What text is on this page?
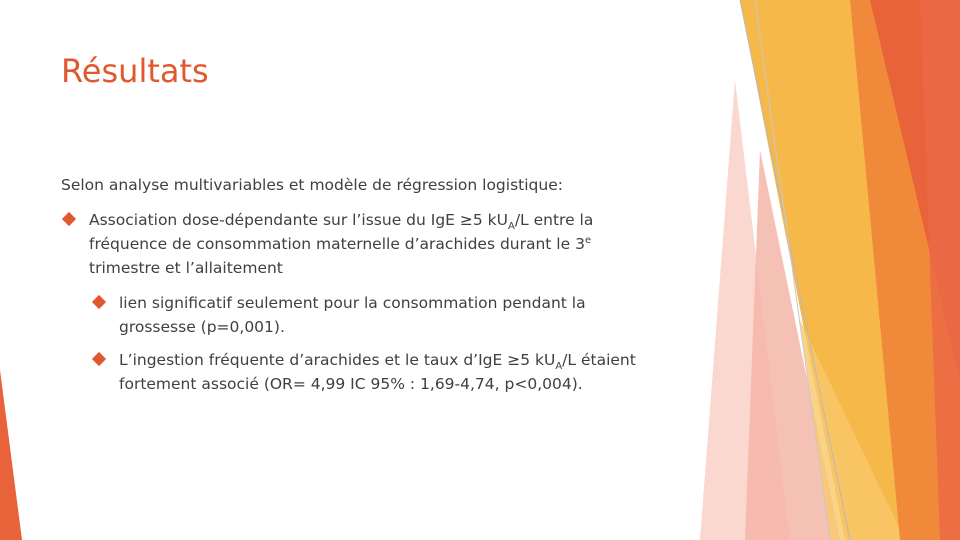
Résultats

Selon analyse multivariables et modèle de régression logistique:

Association dose-dépendante sur l’issue du IgE ≥5 $kU_A/L$ entre la
fréquence de consommation maternelle d’arachides durant le 3e
trimestre et l’allaitement
lien significatif seulement pour la consommation pendant la
grossesse (p=0,001).
L’ingestion fréquente d’arachides et le taux d’IgE ≥5 $kU_A/L$ étaient
fortement associé (OR= 4,99 IC 95% : 1,69-4,74, p<0,004).
